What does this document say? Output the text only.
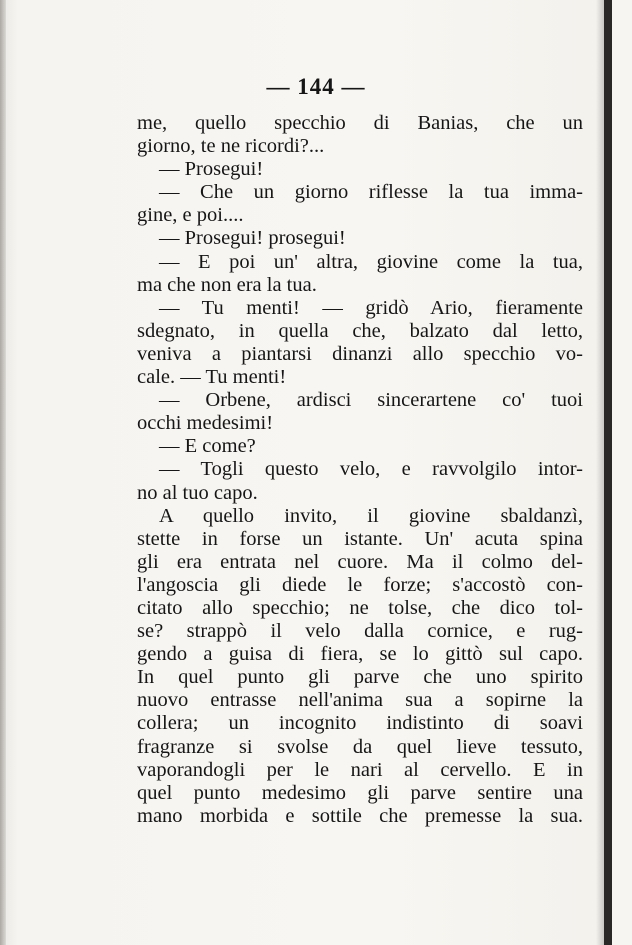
— 144 —
me, quello specchio di Banias, che un
giorno, te ne ricordi?...
— Prosegui!
— Che un giorno riflesse la tua imma-
gine, e poi....
— Prosegui! prosegui!
— E poi un' altra, giovine come la tua,
ma che non era la tua.
— Tu menti! — gridò Ario, fieramente
sdegnato, in quella che, balzato dal letto,
veniva a piantarsi dinanzi allo specchio vo-
cale. — Tu menti!
— Orbene, ardisci sincerartene co' tuoi
occhi medesimi!
— E come?
— Togli questo velo, e ravvolgilo intor-
no al tuo capo.
A quello invito, il giovine sbaldanzì,
stette in forse un istante. Un' acuta spina
gli era entrata nel cuore. Ma il colmo del-
l'angoscia gli diede le forze; s'accostò con-
citato allo specchio; ne tolse, che dico tol-
se? strappò il velo dalla cornice, e rug-
gendo a guisa di fiera, se lo gittò sul capo.
In quel punto gli parve che uno spirito
nuovo entrasse nell'anima sua a sopirne la
collera; un incognito indistinto di soavi
fragranze si svolse da quel lieve tessuto,
vaporandogli per le nari al cervello. E in
quel punto medesimo gli parve sentire una
mano morbida e sottile che premesse la sua.
